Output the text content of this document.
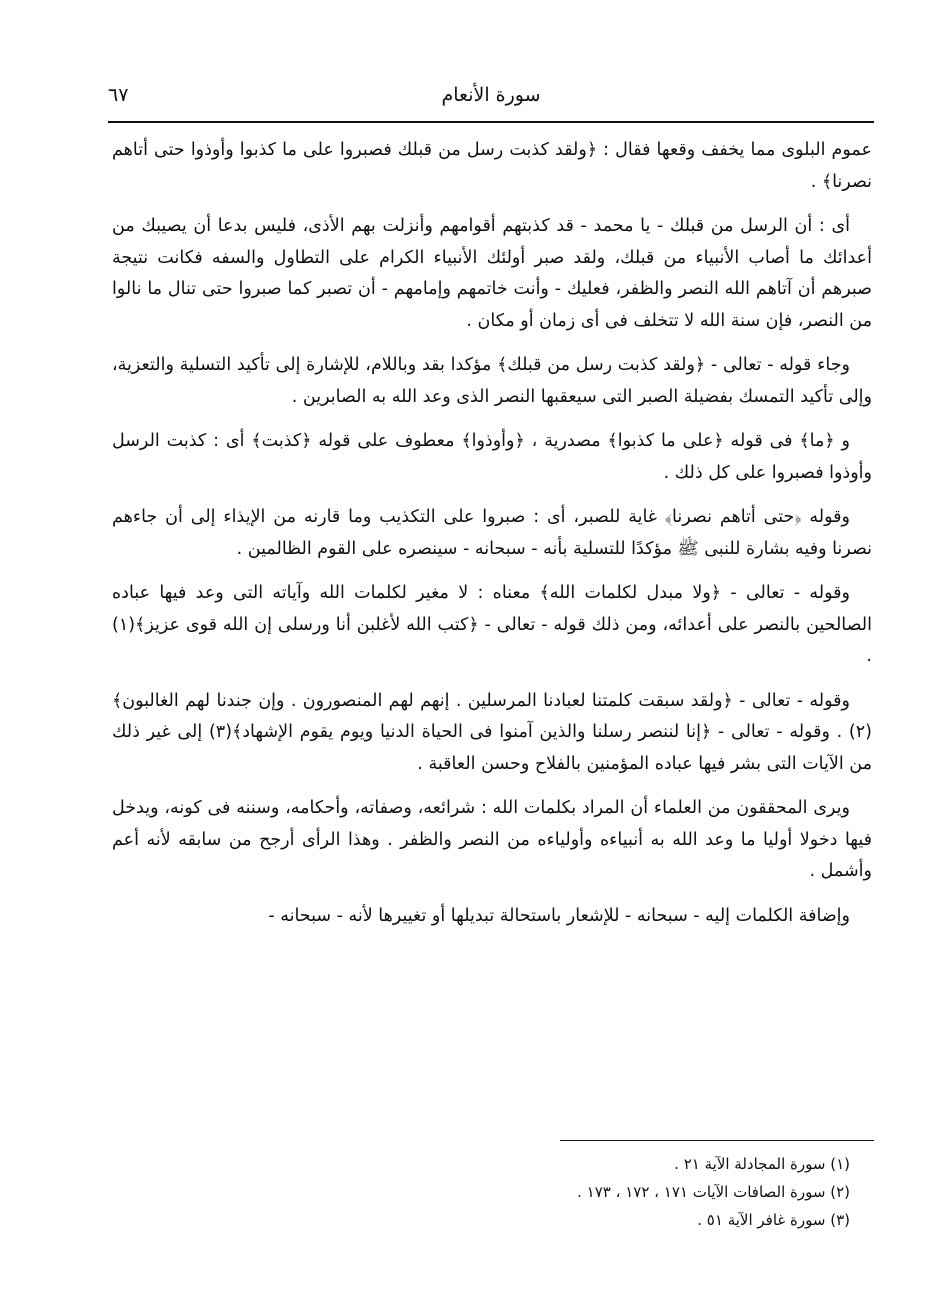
سورة الأنعام
٦٧

عموم البلوى مما يخفف وقعها فقال : ﴿ولقد كذبت رسل من قبلك فصبروا على ما كذبوا وأوذوا حتى أتاهم نصرنا﴾ .

أى : أن الرسل من قبلك - يا محمد - قد كذبتهم أقوامهم وأنزلت بهم الأذى، فليس بدعا أن يصيبك من أعدائك ما أصاب الأنبياء من قبلك، ولقد صبر أولئك الأنبياء الكرام على التطاول والسفه فكانت نتيجة صبرهم أن آتاهم الله النصر والظفر، فعليك - وأنت خاتمهم وإمامهم - أن تصبر كما صبروا حتى تنال ما نالوا من النصر، فإن سنة الله لا تتخلف فى أى زمان أو مكان .

وجاء قوله - تعالى - ﴿ولقد كذبت رسل من قبلك﴾ مؤكدا بقد وباللام، للإشارة إلى تأكيد التسلية والتعزية، وإلى تأكيد التمسك بفضيلة الصبر التى سيعقبها النصر الذى وعد الله به الصابرين .

و ﴿ما﴾ فى قوله ﴿على ما كذبوا﴾ مصدرية ، ﴿وأوذوا﴾ معطوف على قوله ﴿كذبت﴾ أى : كذبت الرسل وأوذوا فصبروا على كل ذلك .

وقوله ﴿حتى أتاهم نصرنا﴾ غاية للصبر، أى : صبروا على التكذيب وما قارنه من الإيذاء إلى أن جاءهم نصرنا وفيه بشارة للنبى ﷺ مؤكدًا للتسلية بأنه - سبحانه - سينصره على القوم الظالمين .

وقوله - تعالى - ﴿ولا مبدل لكلمات الله﴾ معناه : لا مغير لكلمات الله وآياته التى وعد فيها عباده الصالحين بالنصر على أعدائه، ومن ذلك قوله - تعالى - ﴿كتب الله لأغلبن أنا ورسلى إن الله قوى عزيز﴾(١) .

وقوله - تعالى - ﴿ولقد سبقت كلمتنا لعبادنا المرسلين . إنهم لهم المنصورون . وإن جندنا لهم الغالبون﴾(٢) . وقوله - تعالى - ﴿إنا لننصر رسلنا والذين آمنوا فى الحياة الدنيا ويوم يقوم الإشهاد﴾(٣) إلى غير ذلك من الآيات التى بشر فيها عباده المؤمنين بالفلاح وحسن العاقبة .

ويرى المحققون من العلماء أن المراد بكلمات الله : شرائعه، وصفاته، وأحكامه، وسننه فى كونه، ويدخل فيها دخولا أوليا ما وعد الله به أنبياءه وأولياءه من النصر والظفر . وهذا الرأى أرجح من سابقه لأنه أعم وأشمل .

وإضافة الكلمات إليه - سبحانه - للإشعار باستحالة تبديلها أو تغييرها لأنه - سبحانه -

(١) سورة المجادلة الآية ٢١ .

(٢) سورة الصافات الآيات ١٧١ ، ١٧٢ ، ١٧٣ .

(٣) سورة غافر الآية ٥١ .
